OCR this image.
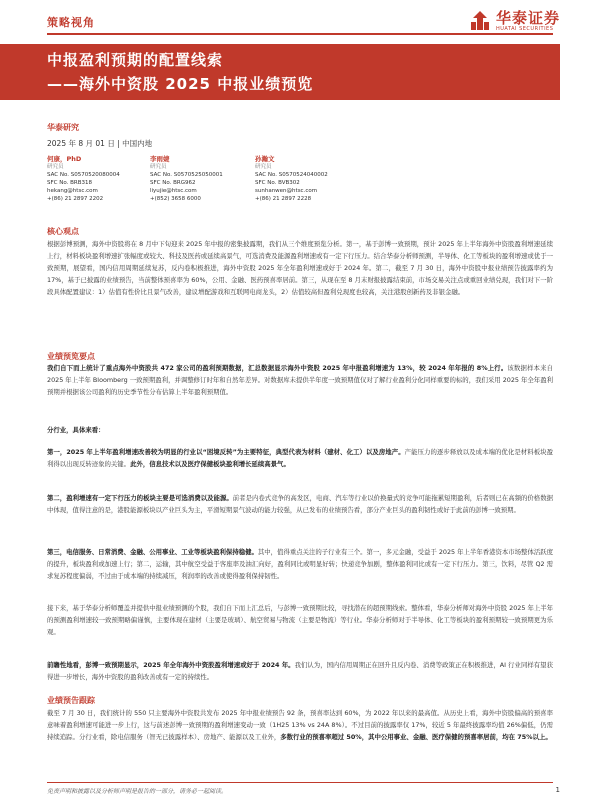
策略视角	华泰证券
HUATAI SECURITIES
中报盈利预期的配置线索
——海外中资股 2025 中报业绩预览
华泰研究
2025 年 8 月 01 日 | 中国内地
何康，PhD
研究员
SAC No. S0570520080004
SFC No. BRB318
hekang@htsc.com
+(86) 21 2897 2202
李雨婕
研究员
SAC No. S0570525050001
SFC No. BRG962
liyujie@htsc.com
+(852) 3658 6000
孙瀚文
研究员
SAC No. S0570524040002
SFC No. BVB302
sunhanwen@htsc.com
+(86) 21 2897 2228
核心观点

根据彭博预测，海外中资股将在 8 月中下旬迎来 2025 年中报的密集披露期，我们从三个维度预览分析。第一，基于彭博一致预期，预计 2025 年上半年海外中资股盈利增速延续上行，材料板块盈利增速扩张幅度或较大、科技及医药或延续高景气，可选消费及能源盈利增速或有一定下行压力。结合华泰分析师预测，半导体、化工等板块的盈利增速或优于一致预期，展望看，国内信用周期延续复苏，反内卷积极推进，海外中资股 2025 年全年盈利增速或好于 2024 年。第二，截至 7 月 30 日，海外中资股中报业绩预告披露率约为 17%，基于已披露的业绩预告，当前整体预喜率为 60%，公用、金融、医药预喜率居前。第三，从现在至 8 月末财报披露结束前，市场交易关注点或重回业绩兑现，我们对下一阶段具体配置建议：1）估值有性价比且景气改善，建议增配游戏和互联网电商龙头，2）估值较高但盈利兑现度也较高，关注港股创新药及非银金融。

业绩预览要点

我们自下而上统计了重点海外中资股共 472 家公司的盈利预期数据，汇总数据显示海外中资股 2025 年中报盈利增速为 13%，较 2024 年年报的 8%上行。该数据样本来自 2025 年上半年 Bloomberg 一致预期盈利，并调整修订时年和自然年差异。对数据库未提供半年度一致预期值仅对了解行业盈利分化同样重要的标的，我们采用 2025 年全年盈利预期并根据该公司盈利的历史季节性分布估算上半年盈利预期值。

分行业，具体来看：

第一，2025 年上半年盈利增速改善较为明显的行业以“困境反转”为主要特征，典型代表为材料（建材、化工）以及房地产。产能压力的逐步释放以及成本端的优化是材料板块盈利得以出现反转迹象的关键。此外，信息技术以及医疗保健板块盈利增长延续高景气。

第二，盈利增速有一定下行压力的板块主要是可选消费以及能源。前者是内卷式竞争的高发区，电商、汽车等行业以价换量式的竞争可能拖累短期盈利，后者则已在高频的价格数据中体现，值得注意的是，港股能源板块以产业巨头为主，平滑短期景气波动的能力较强，从已发布的业绩预告看，部分产业巨头的盈利韧性或好于此前的彭博一致预期。

第三，电信服务、日常消费、金融、公用事业、工业等板块盈利保持稳健。其中，值得重点关注的子行业有三个。第一，多元金融，受益于 2025 年上半年香港资本市场整体活跃度的提升，板块盈利或加速上行；第二，运输，其中航空受益于客座率及油汇向好，盈利同比或明显好转；快递竞争加剧，整体盈利同比或有一定下行压力。第三，饮料，尽管 Q2 需求复苏程度偏弱，不过由于成本端的持续减压，利润率的改善或使得盈利保持韧性。

接下来，基于华泰分析师覆盖并提供中报业绩预测的个股，我们自下而上汇总后，与彭博一致预期比较，寻找潜在的超预期线索。整体看，华泰分析师对海外中资股 2025 年上半年的预测盈利增速较一致预期略偏谨慎，主要体现在建材（主要是玻璃）、航空贸易与物流（主要是物流）等行业。华泰分析师对于半导体、化工等板块的盈利预期较一致预期更为乐观。

前瞻性地看，彭博一致预期显示，2025 年全年海外中资股盈利增速或好于 2024 年。我们认为，国内信用周期正在回升且反内卷、消费等政策正在积极推进，AI 行业同样有望获得进一步增长，海外中资股的盈利改善或有一定的持续性。

业绩预告跟踪

截至 7 月 30 日，我们统计的 550 只主要海外中资股共发布 2025 年中报业绩预告 92 条，预喜率达到 60%，为 2022 年以来的最高值。从历史上看，海外中资股偏高的预喜率意味着盈利增速可能进一步上行，这与前述彭博一致预期的盈利增速变动一致（1H25 13% vs 24A 8%）。不过目前的披露率仅 17%，较近 5 年最终披露率均值 26%偏低，仍需持续追踪。分行业看，除电信服务（智无已披露样本）、房地产、能源以及工业外，多数行业的预喜率超过 50%，其中公用事业、金融、医疗保健的预喜率居前，均在 75%以上。

免责声明和披露以及分析师声明是报告的一部分，请务必一起阅读。	1
